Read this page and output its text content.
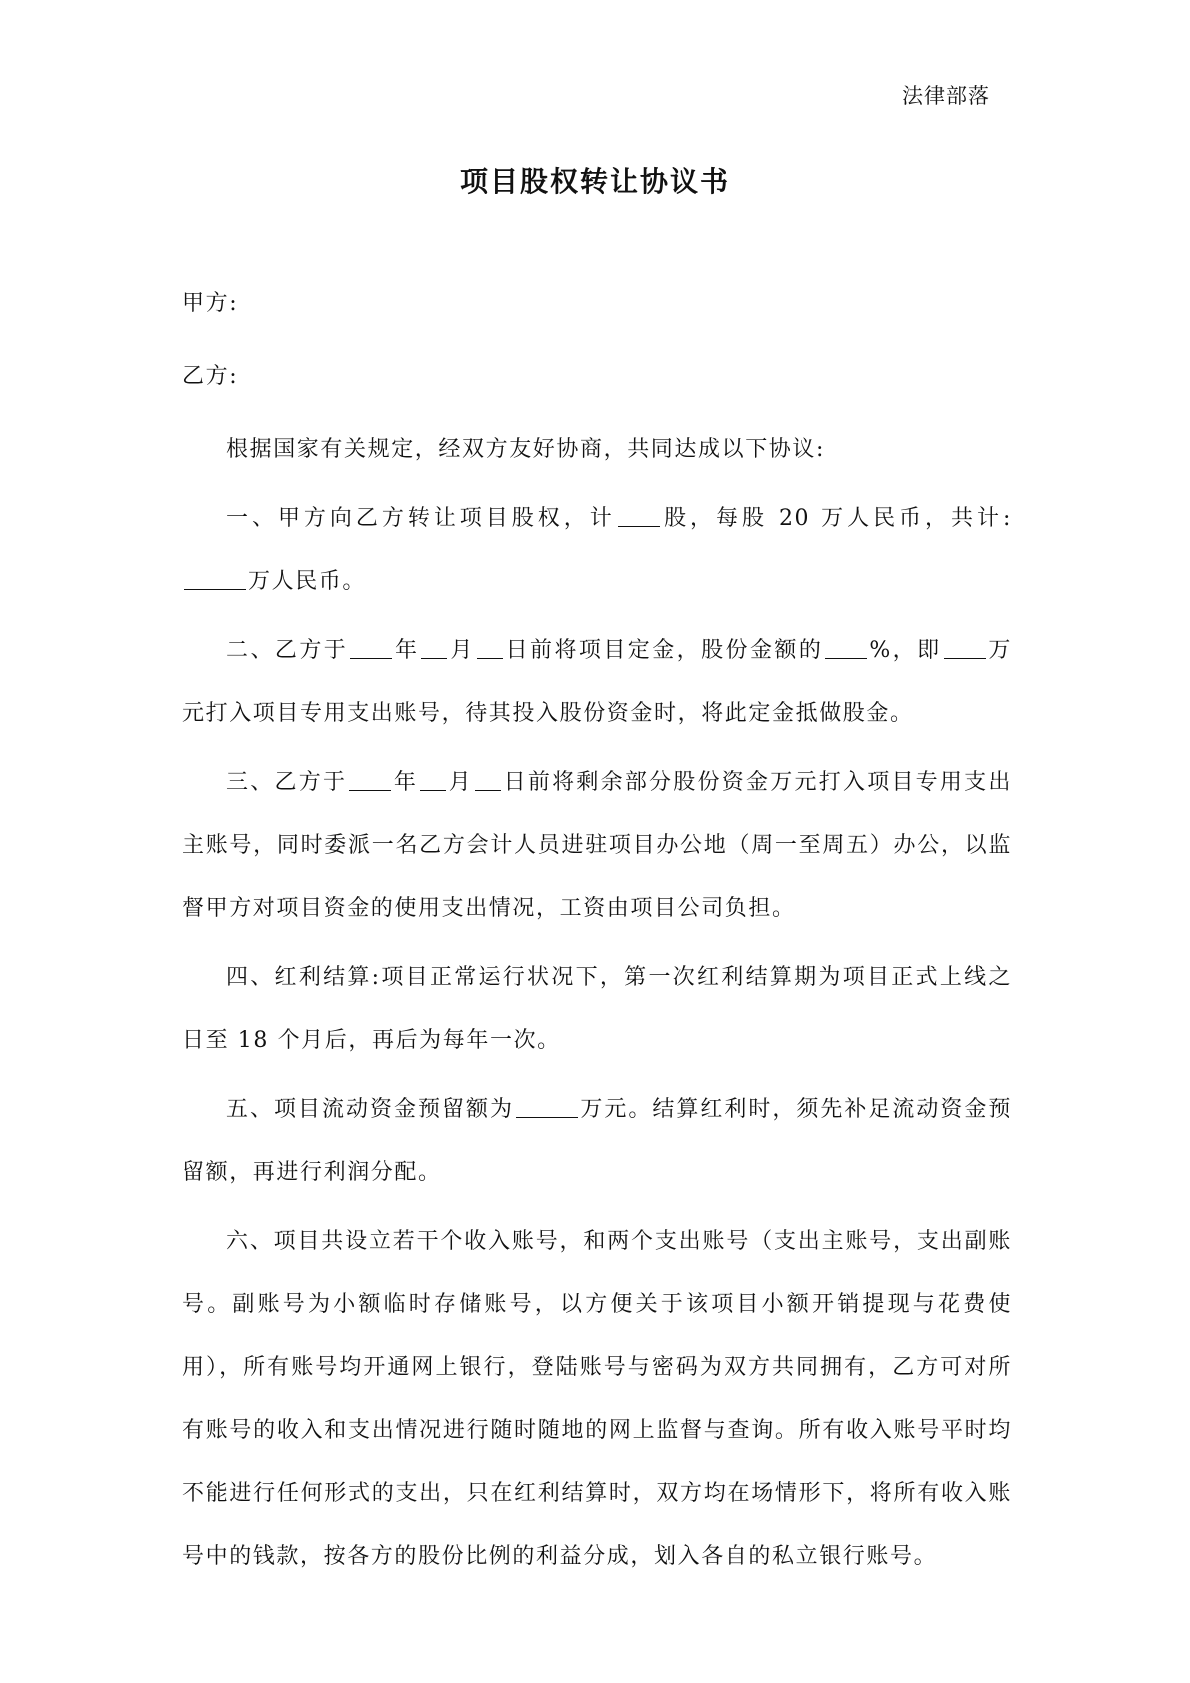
法律部落
项目股权转让协议书

甲方:

乙方:

根据国家有关规定，经双方友好协商，共同达成以下协议:

一、甲方向乙方转让项目股权，计 股，每股 20 万人民币，共计: 万人民币。

二、乙方于 年 月 日前将项目定金，股份金额的 %，即 万元打入项目专用支出账号，待其投入股份资金时，将此定金抵做股金。

三、乙方于 年 月 日前将剩余部分股份资金万元打入项目专用支出主账号，同时委派一名乙方会计人员进驻项目办公地（周一至周五）办公，以监督甲方对项目资金的使用支出情况，工资由项目公司负担。

四、红利结算:项目正常运行状况下，第一次红利结算期为项目正式上线之日至 18 个月后，再后为每年一次。

五、项目流动资金预留额为	万元。结算红利时，须先补足流动资金预留额，再进行利润分配。

六、项目共设立若干个收入账号，和两个支出账号（支出主账号，支出副账号。副账号为小额临时存储账号，以方便关于该项目小额开销提现与花费使用），所有账号均开通网上银行，登陆账号与密码为双方共同拥有，乙方可对所有账号的收入和支出情况进行随时随地的网上监督与查询。所有收入账号平时均不能进行任何形式的支出，只在红利结算时，双方均在场情形下，将所有收入账号中的钱款，按各方的股份比例的利益分成，划入各自的私立银行账号。
